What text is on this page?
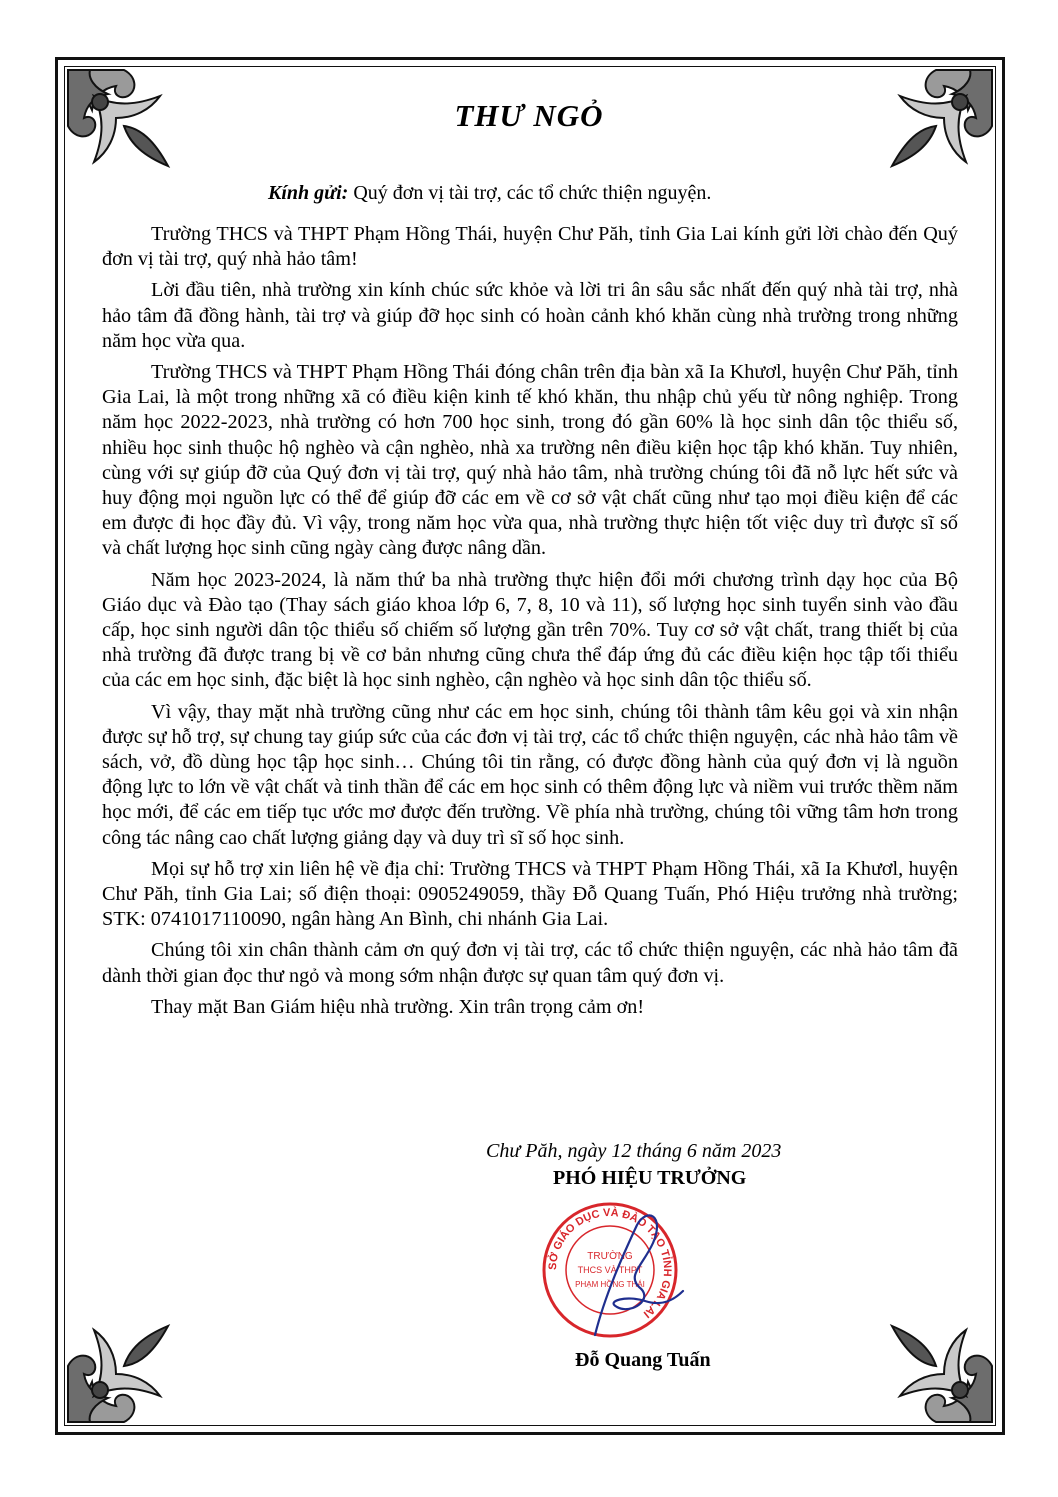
THƯ NGỎ
Kính gửi: Quý đơn vị tài trợ, các tổ chức thiện nguyện.

Trường THCS và THPT Phạm Hồng Thái, huyện Chư Păh, tỉnh Gia Lai kính gửi lời chào đến Quý đơn vị tài trợ, quý nhà hảo tâm!

Lời đầu tiên, nhà trường xin kính chúc sức khỏe và lời tri ân sâu sắc nhất đến quý nhà tài trợ, nhà hảo tâm đã đồng hành, tài trợ và giúp đỡ học sinh có hoàn cảnh khó khăn cùng nhà trường trong những năm học vừa qua.

Trường THCS và THPT Phạm Hồng Thái đóng chân trên địa bàn xã Ia Khươl, huyện Chư Păh, tỉnh Gia Lai, là một trong những xã có điều kiện kinh tế khó khăn, thu nhập chủ yếu từ nông nghiệp. Trong năm học 2022-2023, nhà trường có hơn 700 học sinh, trong đó gần 60% là học sinh dân tộc thiểu số, nhiều học sinh thuộc hộ nghèo và cận nghèo, nhà xa trường nên điều kiện học tập khó khăn. Tuy nhiên, cùng với sự giúp đỡ của Quý đơn vị tài trợ, quý nhà hảo tâm, nhà trường chúng tôi đã nỗ lực hết sức và huy động mọi nguồn lực có thể để giúp đỡ các em về cơ sở vật chất cũng như tạo mọi điều kiện để các em được đi học đầy đủ. Vì vậy, trong năm học vừa qua, nhà trường thực hiện tốt việc duy trì được sĩ số và chất lượng học sinh cũng ngày càng được nâng dần.

Năm học 2023-2024, là năm thứ ba nhà trường thực hiện đổi mới chương trình dạy học của Bộ Giáo dục và Đào tạo (Thay sách giáo khoa lớp 6, 7, 8, 10 và 11), số lượng học sinh tuyển sinh vào đầu cấp, học sinh người dân tộc thiểu số chiếm số lượng gần trên 70%. Tuy cơ sở vật chất, trang thiết bị của nhà trường đã được trang bị về cơ bản nhưng cũng chưa thể đáp ứng đủ các điều kiện học tập tối thiểu của các em học sinh, đặc biệt là học sinh nghèo, cận nghèo và học sinh dân tộc thiểu số.

Vì vậy, thay mặt nhà trường cũng như các em học sinh, chúng tôi thành tâm kêu gọi và xin nhận được sự hỗ trợ, sự chung tay giúp sức của các đơn vị tài trợ, các tổ chức thiện nguyện, các nhà hảo tâm về sách, vở, đồ dùng học tập học sinh… Chúng tôi tin rằng, có được đồng hành của quý đơn vị là nguồn động lực to lớn về vật chất và tinh thần để các em học sinh có thêm động lực và niềm vui trước thềm năm học mới, để các em tiếp tục ước mơ được đến trường. Về phía nhà trường, chúng tôi vững tâm hơn trong công tác nâng cao chất lượng giảng dạy và duy trì sĩ số học sinh.

Mọi sự hỗ trợ xin liên hệ về địa chỉ: Trường THCS và THPT Phạm Hồng Thái, xã Ia Khươl, huyện Chư Păh, tỉnh Gia Lai; số điện thoại: 0905249059, thầy Đỗ Quang Tuấn, Phó Hiệu trưởng nhà trường; STK: 0741017110090, ngân hàng An Bình, chi nhánh Gia Lai.

Chúng tôi xin chân thành cảm ơn quý đơn vị tài trợ, các tổ chức thiện nguyện, các nhà hảo tâm đã dành thời gian đọc thư ngỏ và mong sớm nhận được sự quan tâm quý đơn vị.

Thay mặt Ban Giám hiệu nhà trường. Xin trân trọng cảm ơn!

Chư Păh, ngày 12 tháng 6 năm 2023
PHÓ HIỆU TRƯỞNG
SỞ GIÁO DỤC VÀ ĐÀO TẠO TỈNH GIA LAI
TRƯỜNG
THCS VÀ THPT
PHẠM HỒNG THÁI
Đỗ Quang Tuấn
